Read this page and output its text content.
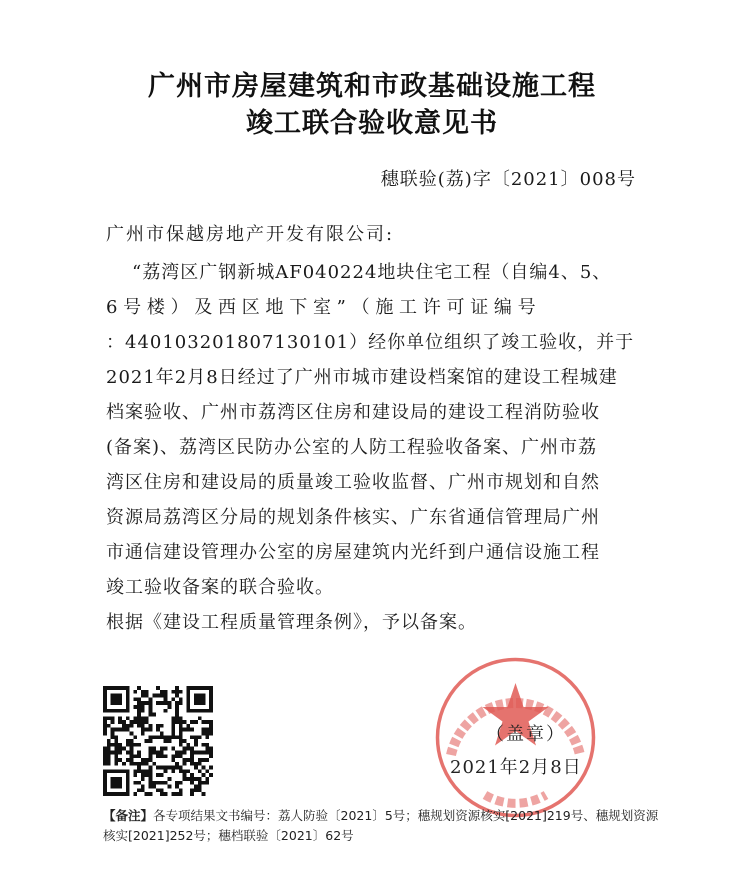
广州市房屋建筑和市政基础设施工程
竣工联合验收意见书
穗联验(荔)字〔2021〕008号
广州市保越房地产开发有限公司:
“荔湾区广钢新城AF040224地块住宅工程（自编4、5、
6 号 楼 ） 及 西 区 地 下 室 ” （ 施 工 许 可 证 编 号
：440103201807130101）经你单位组织了竣工验收，并于
2021年2月8日经过了广州市城市建设档案馆的建设工程城建
档案验收、广州市荔湾区住房和建设局的建设工程消防验收
(备案)、荔湾区民防办公室的人防工程验收备案、广州市荔
湾区住房和建设局的质量竣工验收监督、广州市规划和自然
资源局荔湾区分局的规划条件核实、广东省通信管理局广州
市通信建设管理办公室的房屋建筑内光纤到户通信设施工程
竣工验收备案的联合验收。
根据《建设工程质量管理条例》，予以备案。
（盖章）
2021年2月8日
【备注】各专项结果文书编号：荔人防验〔2021〕5号；穗规划资源核实[2021]219号、穗规划资源
核实[2021]252号；穗档联验〔2021〕62号
